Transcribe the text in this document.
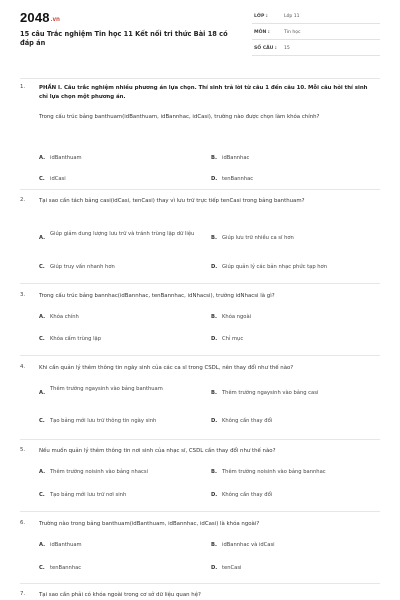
2048.vn
15 câu Trắc nghiệm Tin học 11 Kết nối tri thức Bài 18 có đáp án
LỚP :	Lớp 11
MÔN :	Tin học
SỐ CÂU : 15
1.	PHẦN I. Câu trắc nghiệm nhiều phương án lựa chọn. Thí sinh trả lời từ câu 1 đến câu 10. Mỗi câu hỏi thí sinh chỉ lựa chọn một phương án.
Trong cấu trúc bảng banthuam(idBanthuam, idBannhac, idCasi), trường nào được chọn làm khóa chính?
A. idBanthuam	B. idBannhac
C. idCasi	D. tenBannhac
2.	Tại sao cần tách bảng casi(idCasi, tenCasi) thay vì lưu trữ trực tiếp tenCasi trong bảng banthuam?
A.
Giúp giảm dung lượng lưu trữ và tránh trùng lặp dữ liệu
B. Giúp lưu trữ nhiều ca sĩ hơn
C. Giúp truy vấn nhanh hơn	D. Giúp quản lý các bản nhạc phức tạp hơn
3.	Trong cấu trúc bảng bannhac(idBannhac, tenBannhac, idNhacsi), trường idNhacsi là gì?
A. Khóa chính	B. Khóa ngoài
C. Khóa cấm trùng lặp	D. Chỉ mục
4.	Khi cần quản lý thêm thông tin ngày sinh của các ca sĩ trong CSDL, nên thay đổi như thế nào?
A.
Thêm trường ngaysinh vào bảng banthuam
B. Thêm trường ngaysinh vào bảng casi
C. Tạo bảng mới lưu trữ thông tin ngày sinh	D. Không cần thay đổi
5.	Nếu muốn quản lý thêm thông tin nơi sinh của nhạc sĩ, CSDL cần thay đổi như thế nào?
A. Thêm trường noisinh vào bảng nhacsi	B. Thêm trường noisinh vào bảng bannhac
C. Tạo bảng mới lưu trữ nơi sinh	D. Không cần thay đổi
6.	Trường nào trong bảng banthuam(idBanthuam, idBannhac, idCasi) là khóa ngoài?
A. idBanthuam	B. idBannhac và idCasi
C. tenBannhac	D. tenCasi
7.	Tại sao cần phải có khóa ngoài trong cơ sở dữ liệu quan hệ?
